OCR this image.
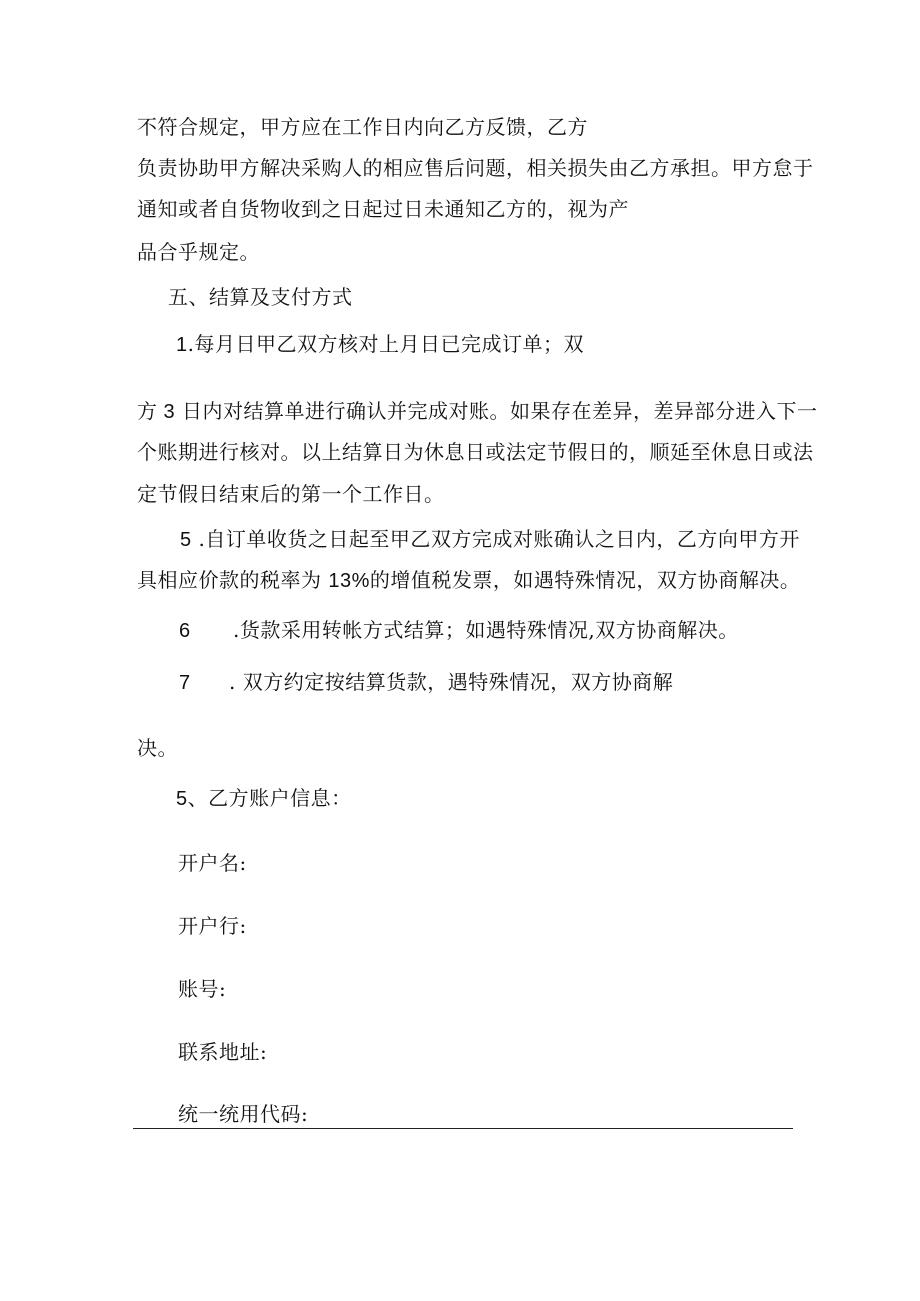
不符合规定，甲方应在工作日内向乙方反馈，乙方
负责协助甲方解决采购人的相应售后问题，相关损失由乙方承担。甲方怠于
通知或者自货物收到之日起过日未通知乙方的，视为产
品合乎规定。
五、结算及支付方式
1.每月日甲乙双方核对上月日已完成订单；双
方 3 日内对结算单进行确认并完成对账。如果存在差异，差异部分进入下一
个账期进行核对。以上结算日为休息日或法定节假日的，顺延至休息日或法
定节假日结束后的第一个工作日。
5 .自订单收货之日起至甲乙双方完成对账确认之日内，乙方向甲方开
具相应价款的税率为 13%的增值税发票，如遇特殊情况，双方协商解决。
6 .货款采用转帐方式结算；如遇特殊情况,双方协商解决。
7 . 双方约定按结算货款，遇特殊情况，双方协商解
决。
5、乙方账户信息：
开户名:
开户行:
账号:
联系地址:
统一统用代码:
